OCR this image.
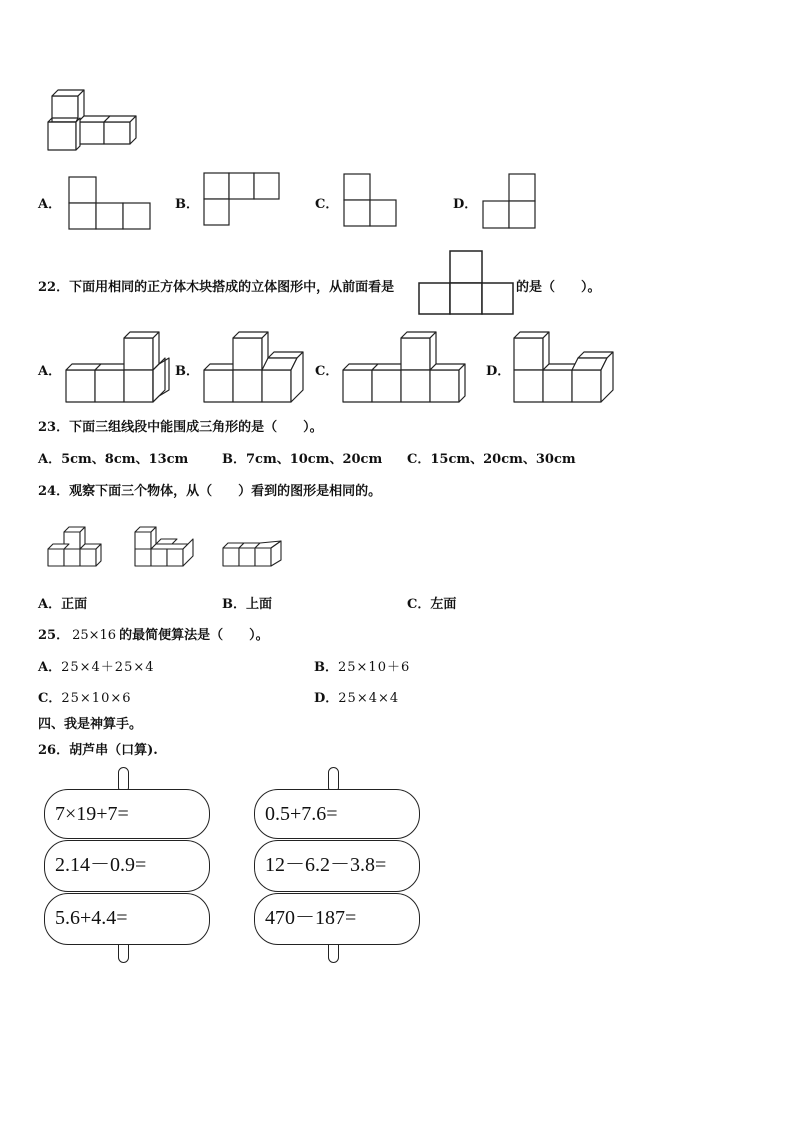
A．	B．	C．	D．
22．下面用相同的正方体木块搭成的立体图形中，从前面看是	的是（　　）。
A．	B．	C．	D．
23．下面三组线段中能围成三角形的是（　　）。
A．5cm、8cm、13cm	B．7cm、10cm、20cm C．15cm、20cm、30cm
24．观察下面三个物体，从（　　）看到的图形是相同的。
A．正面	B．上面	C．左面
25． 25×16 的最简便算法是（　　）。
A．25×4＋25×4	B．25×10＋6
C．25×10×6	D．25×4×4
四、我是神算手。
26．胡芦串（口算).
7×19+7=
2.14－0.9=
5.6+4.4=
0.5+7.6=
12－6.2－3.8=
470－187=
